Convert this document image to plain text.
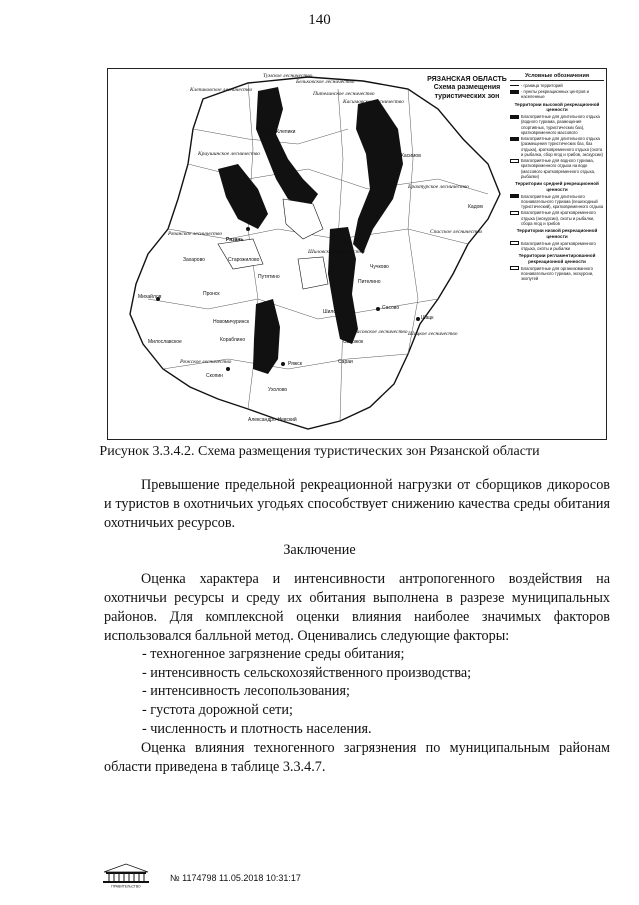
140
РЯЗАНСКАЯ ОБЛАСТЬ Схема размещения туристических зон
Тумское лесничество
Клепиковское лесничество
Бельковское лесничество
Пителинское лесничество
Касимовское лесничество
Спас-Клепики
Криушинское лесничество
Рязанское лесничество	Спасское лесничество
Ерахтурское лесничество
Касимов
Кадом
Шиловское лесничество
Сасово
Шацк
Пителино
Михайлов	Пронск
Ряжское лесничество
Скопин
Ряжск	Сараи
Рязань
Сасовское лесничество Шацкое лесничество
Милославское
Чучково
Путятино
Старожилово
Захарово
Новомичуринск
Кораблино	Сапожок
Ухолово
Александро-Невский
Шилово
Условные обозначения
- граница территорий
- пункты рекреационных центров и населенные
Территории высокой рекреационной ценности
Благоприятные для длительного отдыха (водного туризма, размещения спортивных, туристических баз), кратковременного массового
Благоприятные для длительного отдыха (размещения туристических баз, баз отдыха), кратковременного отдыха (охота и рыбалка, сбор ягод и грибов, экскурсии)
Благоприятные для водного туризма, кратковременного отдыха на воде (массового кратковременного отдыха, рыбалки)
Территории средней рекреационной ценности
Благоприятные для длительного познавательного туризма (пешеходный туристический), кратковременного отдыха
Благоприятные для кратковременного отдыха (экскурсии), охоты и рыбалки, сбора ягод и грибов
Территории низкой рекреационной ценности
Благоприятные для кратковременного отдыха, охоты и рыбалки
Территории регламентированной рекреационной ценности
Благоприятные для организованного познавательного туризма, экскурсии, экопутей
Рисунок 3.3.4.2. Схема размещения туристических зон Рязанской области

Превышение предельной рекреационной нагрузки от сборщиков дикоросов и туристов в охотничьих угодьях способствует снижению качества среды обитания охотничьих ресурсов.

Заключение

Оценка характера и интенсивности антропогенного воздействия на охотничьи ресурсы и среду их обитания выполнена в разрезе муниципальных районов. Для комплексной оценки влияния наиболее значимых факторов использовался балльной метод. Оценивались следующие факторы:

- техногенное загрязнение среды обитания;

- интенсивность сельскохозяйственного производства;

- интенсивность лесопользования;

- густота дорожной сети;

- численность и плотность населения.

Оценка влияния техногенного загрязнения по муниципальным районам области приведена в таблице 3.3.4.7.

ПРАВИТЕЛЬСТВО
№ 1174798 11.05.2018 10:31:17
